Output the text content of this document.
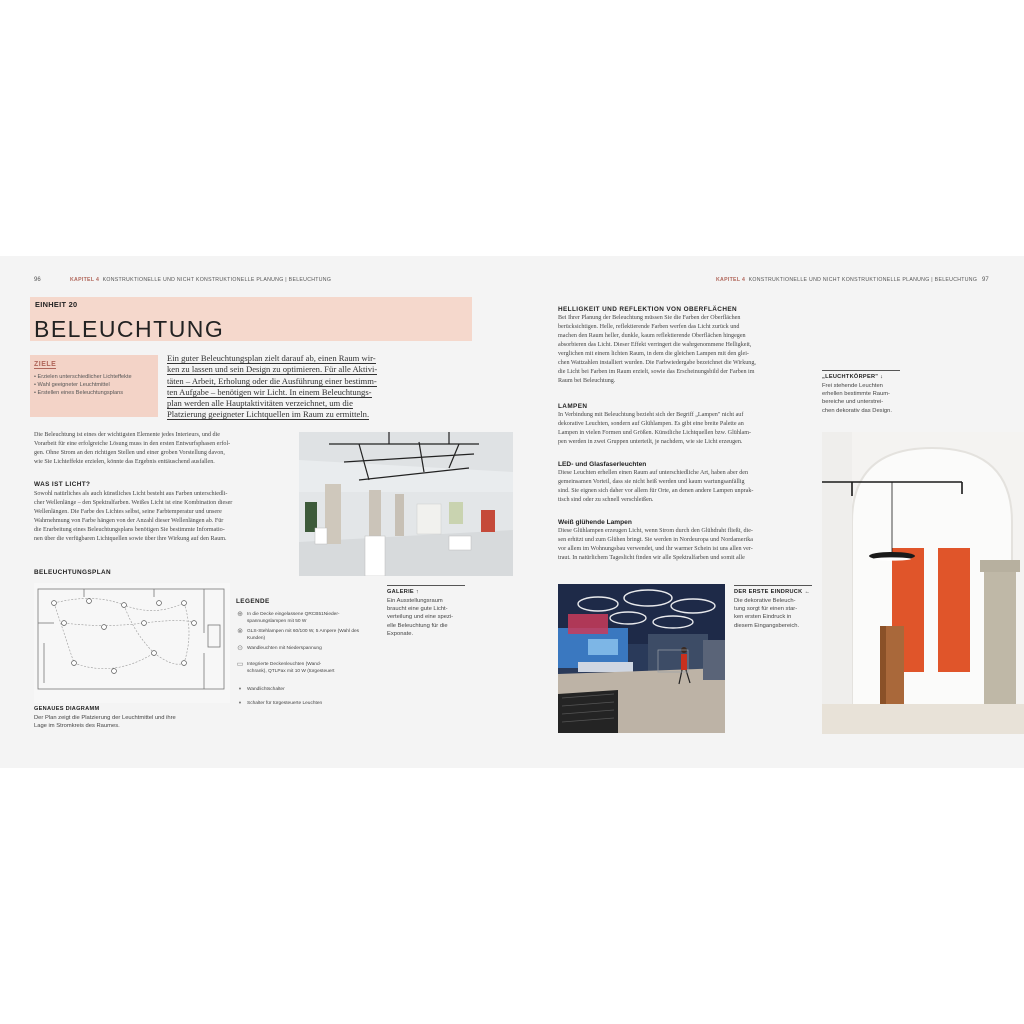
96	KAPITEL 4 KONSTRUKTIONELLE UND NICHT KONSTRUKTIONELLE PLANUNG | BELEUCHTUNG
EINHEIT 20
BELEUCHTUNG
ZIELE
• Erzielen unterschiedlicher Lichteffekte
• Wahl geeigneter Leuchtmittel
• Erstellen eines Beleuchtungsplans
Ein guter Beleuchtungsplan zielt darauf ab, einen Raum wir-
ken zu lassen und sein Design zu optimieren. Für alle Aktivi-
täten – Arbeit, Erholung oder die Ausführung einer bestimm-
ten Aufgabe – benötigen wir Licht. In einem Beleuchtungs-
plan werden alle Hauptaktivitäten verzeichnet, um die
Platzierung geeigneter Lichtquellen im Raum zu ermitteln.
Die Beleuchtung ist eines der wichtigsten Elemente jedes Interieurs, und die
Vorarbeit für eine erfolgreiche Lösung muss in den ersten Entwurfsphasen erfol-
gen. Ohne Strom an den richtigen Stellen und einer groben Vorstellung davon,
wie Sie Lichteffekte erzielen, könnte das Ergebnis enttäuschend ausfallen.
WAS IST LICHT?
Sowohl natürliches als auch künstliches Licht besteht aus Farben unterschiedli-
cher Wellenlänge – den Spektralfarben. Weißes Licht ist eine Kombination dieser
Wellenlängen. Die Farbe des Lichtes selbst, seine Farbtemperatur und unsere
Wahrnehmung von Farbe hängen von der Anzahl dieser Wellenlängen ab. Für
die Erarbeitung eines Beleuchtungsplans benötigen Sie bestimmte Informatio-
nen über die verfügbaren Lichtquellen sowie über ihre Wirkung auf den Raum.
GALERIE ↑
Ein Ausstellungsraum
braucht eine gute Licht-
verteilung und eine spezi-
elle Beleuchtung für die
Exponate.
BELEUCHTUNGSPLAN
LEGENDE
⊕ In die Decke eingelassene QRCB51Nieder-
spannungslampen mit 50 W
⊗ GLS-Stehlampen mit 60/100 W, 5 Ampere (Wahl des
Kunden)
⊙ Wandleuchten mit Niederspannung
▭ Integrierte Deckenleuchten (Wand-
schrank), QTLPax mit 10 W (türgesteuert
•	Wandlichtschalter
•	Schalter für türgesteuerte Leuchten
GENAUES DIAGRAMM
Der Plan zeigt die Platzierung der Leuchtmittel und ihre
Lage im Stromkreis des Raumes.
KAPITEL 4 KONSTRUKTIONELLE UND NICHT KONSTRUKTIONELLE PLANUNG | BELEUCHTUNG 97
HELLIGKEIT UND REFLEKTION VON OBERFLÄCHEN
Bei Ihrer Planung der Beleuchtung müssen Sie die Farben der Oberflächen
berücksichtigen. Helle, reflektierende Farben werfen das Licht zurück und
machen den Raum heller, dunkle, kaum reflektierende Oberflächen hingegen
absorbieren das Licht. Dieser Effekt verringert die wahrgenommene Helligkeit,
verglichen mit einem lichten Raum, in dem die gleichen Lampen mit den glei-
chen Wattzahlen installiert wurden. Die Farbwiedergabe bezeichnet die Wirkung,
die Licht bei Farben im Raum erzielt, sowie das Erscheinungsbild der Farben im
Raum bei Beleuchtung.
LAMPEN
In Verbindung mit Beleuchtung bezieht sich der Begriff „Lampen" nicht auf
dekorative Leuchten, sondern auf Glühlampen. Es gibt eine breite Palette an
Lampen in vielen Formen und Größen. Künstliche Lichtquellen bzw. Glühlam-
pen werden in zwei Gruppen unterteilt, je nachdem, wie sie Licht erzeugen.
LED- und Glasfaserleuchten
Diese Leuchten erhellen einen Raum auf unterschiedliche Art, haben aber den
gemeinsamen Vorteil, dass sie nicht heiß werden und kaum wartungsanfällig
sind. Sie eignen sich daher vor allem für Orte, an denen andere Lampen unprak-
tisch sind oder zu schnell verschleißen.
Weiß glühende Lampen
Diese Glühlampen erzeugen Licht, wenn Strom durch den Glühdraht fließt, die-
sen erhitzt und zum Glühen bringt. Sie werden in Nordeuropa und Nordamerika
vor allem im Wohnungsbau verwendet, und ihr warmer Schein ist uns allen ver-
traut. In natürlichem Tageslicht finden wir alle Spektralfarben und somit alle
„LEUCHTKÖRPER" ↓
Frei stehende Leuchten
erhellen bestimmte Raum-
bereiche und unterstrei-
chen dekorativ das Design.
DER ERSTE EINDRUCK ←
Die dekorative Beleuch-
tung sorgt für einen star-
ken ersten Eindruck in
diesem Eingangsbereich.
